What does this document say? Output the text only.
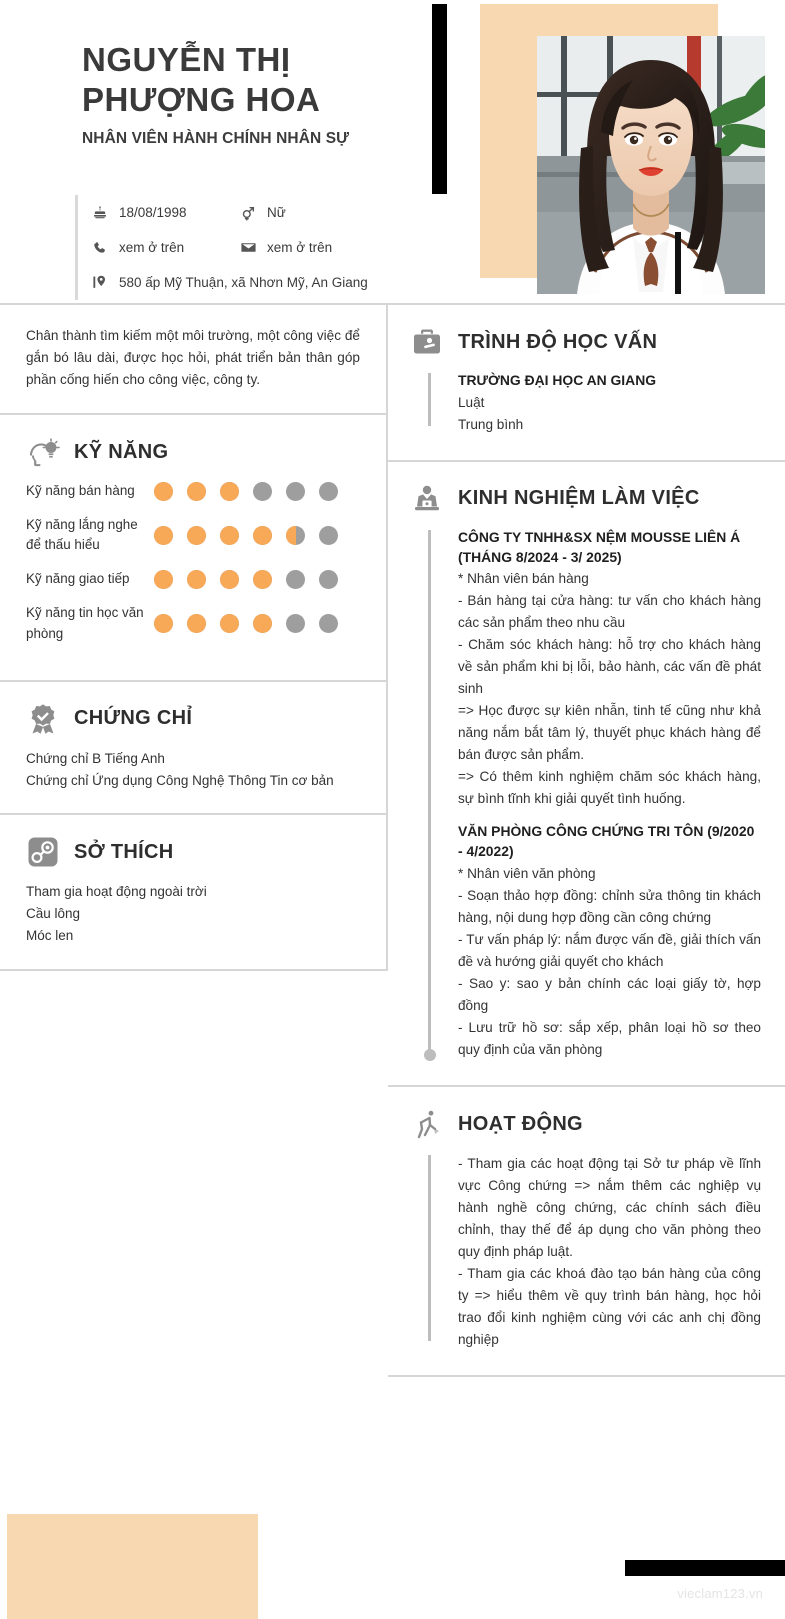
NGUYỄN THỊ
PHƯỢNG HOA
NHÂN VIÊN HÀNH CHÍNH NHÂN SỰ
18/08/1998	Nữ
xem ở trên	xem ở trên
580 ấp Mỹ Thuận, xã Nhơn Mỹ, An Giang
Chân thành tìm kiếm một môi trường, một công việc để gắn bó lâu dài, được học hỏi, phát triển bản thân góp phần cống hiến cho công việc, công ty.
KỸ NĂNG
Kỹ năng bán hàng
Kỹ năng lắng nghe để thấu hiểu
Kỹ năng giao tiếp
Kỹ năng tin học văn phòng
CHỨNG CHỈ
Chứng chỉ B Tiếng Anh
Chứng chỉ Ứng dụng Công Nghệ Thông Tin cơ bản
SỞ THÍCH
Tham gia hoạt động ngoài trời
Cầu lông
Móc len
TRÌNH ĐỘ HỌC VẤN
TRƯỜNG ĐẠI HỌC AN GIANG
Luật
Trung bình
KINH NGHIỆM LÀM VIỆC
CÔNG TY TNHH&SX NỆM MOUSSE LIÊN Á (THÁNG 8/2024 - 3/ 2025)
* Nhân viên bán hàng
- Bán hàng tại cửa hàng: tư vấn cho khách hàng các sản phẩm theo nhu cầu
- Chăm sóc khách hàng: hỗ trợ cho khách hàng về sản phẩm khi bị lỗi, bảo hành, các vấn đề phát sinh
=> Học được sự kiên nhẫn, tinh tế cũng như khả năng nắm bắt tâm lý, thuyết phục khách hàng để bán được sản phẩm.
=> Có thêm kinh nghiệm chăm sóc khách hàng, sự bình tĩnh khi giải quyết tình huống.
VĂN PHÒNG CÔNG CHỨNG TRI TÔN (9/2020 - 4/2022)
* Nhân viên văn phòng
- Soạn thảo hợp đồng: chỉnh sửa thông tin khách hàng, nội dung hợp đồng cần công chứng
- Tư vấn pháp lý: nắm được vấn đề, giải thích vấn đề và hướng giải quyết cho khách
- Sao y: sao y bản chính các loại giấy tờ, hợp đồng
- Lưu trữ hồ sơ: sắp xếp, phân loại hồ sơ theo quy định của văn phòng
HOẠT ĐỘNG
- Tham gia các hoạt động tại Sở tư pháp về lĩnh vực Công chứng => nắm thêm các nghiệp vụ hành nghề công chứng, các chính sách điều chỉnh, thay thế để áp dụng cho văn phòng theo quy định pháp luật.
- Tham gia các khoá đào tạo bán hàng của công ty => hiểu thêm về quy trình bán hàng, học hỏi trao đổi kinh nghiệm cùng với các anh chị đồng nghiệp
vieclam123.vn
